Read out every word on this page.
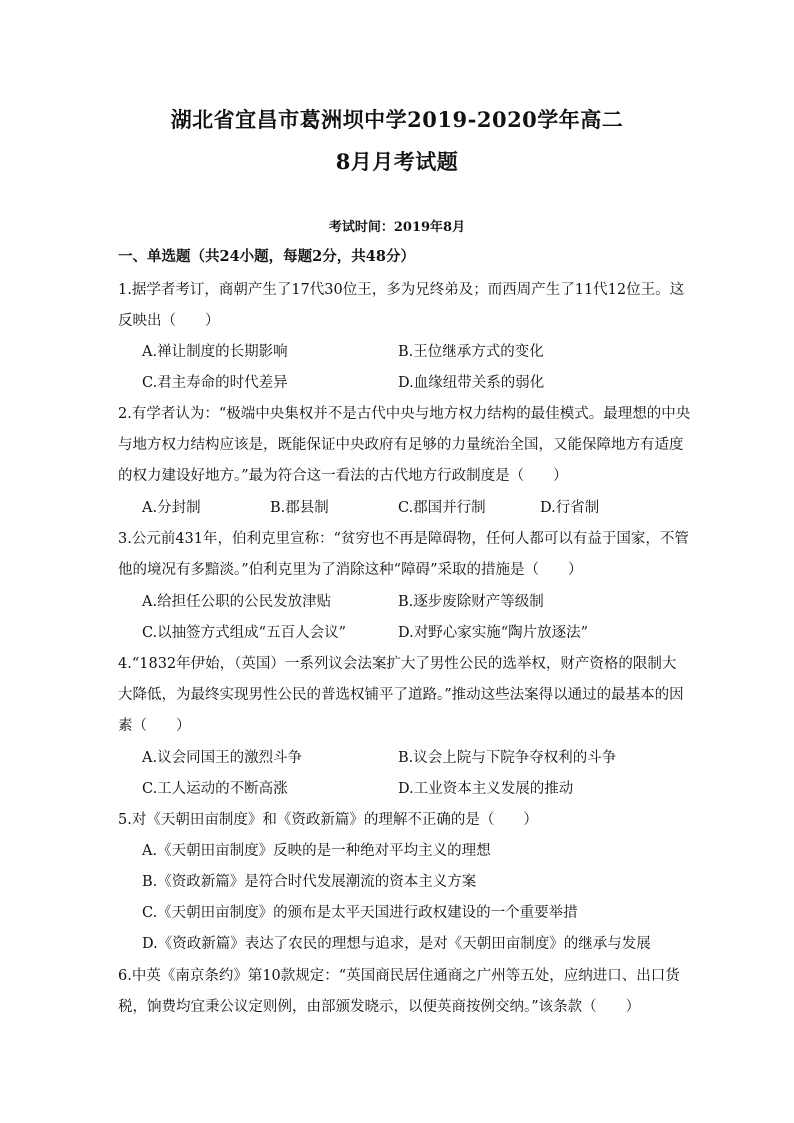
湖北省宜昌市葛洲坝中学2019-2020学年高二
8月月考试题
考试时间：2019年8月
一、单选题（共24小题，每题2分，共48分）
1.据学者考订，商朝产生了17代30位王，多为兄终弟及；而西周产生了11代12位王。这
反映出（　　）
A.禅让制度的长期影响	B.王位继承方式的变化
C.君主寿命的时代差异	D.血缘纽带关系的弱化
2.有学者认为：“极端中央集权并不是古代中央与地方权力结构的最佳模式。最理想的中央
与地方权力结构应该是，既能保证中央政府有足够的力量统治全国，又能保障地方有适度
的权力建设好地方。”最为符合这一看法的古代地方行政制度是（　　）
A.分封制	B.郡县制	C.郡国并行制	D.行省制
3.公元前431年，伯利克里宣称：“贫穷也不再是障碍物，任何人都可以有益于国家，不管
他的境况有多黯淡。”伯利克里为了消除这种“障碍”采取的措施是（　　）
A.给担任公职的公民发放津贴	B.逐步废除财产等级制
C.以抽签方式组成“五百人会议”	D.对野心家实施“陶片放逐法”
4.“1832年伊始，（英国）一系列议会法案扩大了男性公民的选举权，财产资格的限制大
大降低，为最终实现男性公民的普选权铺平了道路。”推动这些法案得以通过的最基本的因
素（　　）
A.议会同国王的激烈斗争	B.议会上院与下院争夺权利的斗争
C.工人运动的不断高涨	D.工业资本主义发展的推动
5.对《天朝田亩制度》和《资政新篇》的理解不正确的是（　　）
A.《天朝田亩制度》反映的是一种绝对平均主义的理想
B.《资政新篇》是符合时代发展潮流的资本主义方案
C.《天朝田亩制度》的颁布是太平天国进行政权建设的一个重要举措
D.《资政新篇》表达了农民的理想与追求，是对《天朝田亩制度》的继承与发展
6.中英《南京条约》第10款规定：“英国商民居住通商之广州等五处，应纳进口、出口货
税，饷费均宜秉公议定则例，由部颁发晓示，以便英商按例交纳。”该条款（　　）
